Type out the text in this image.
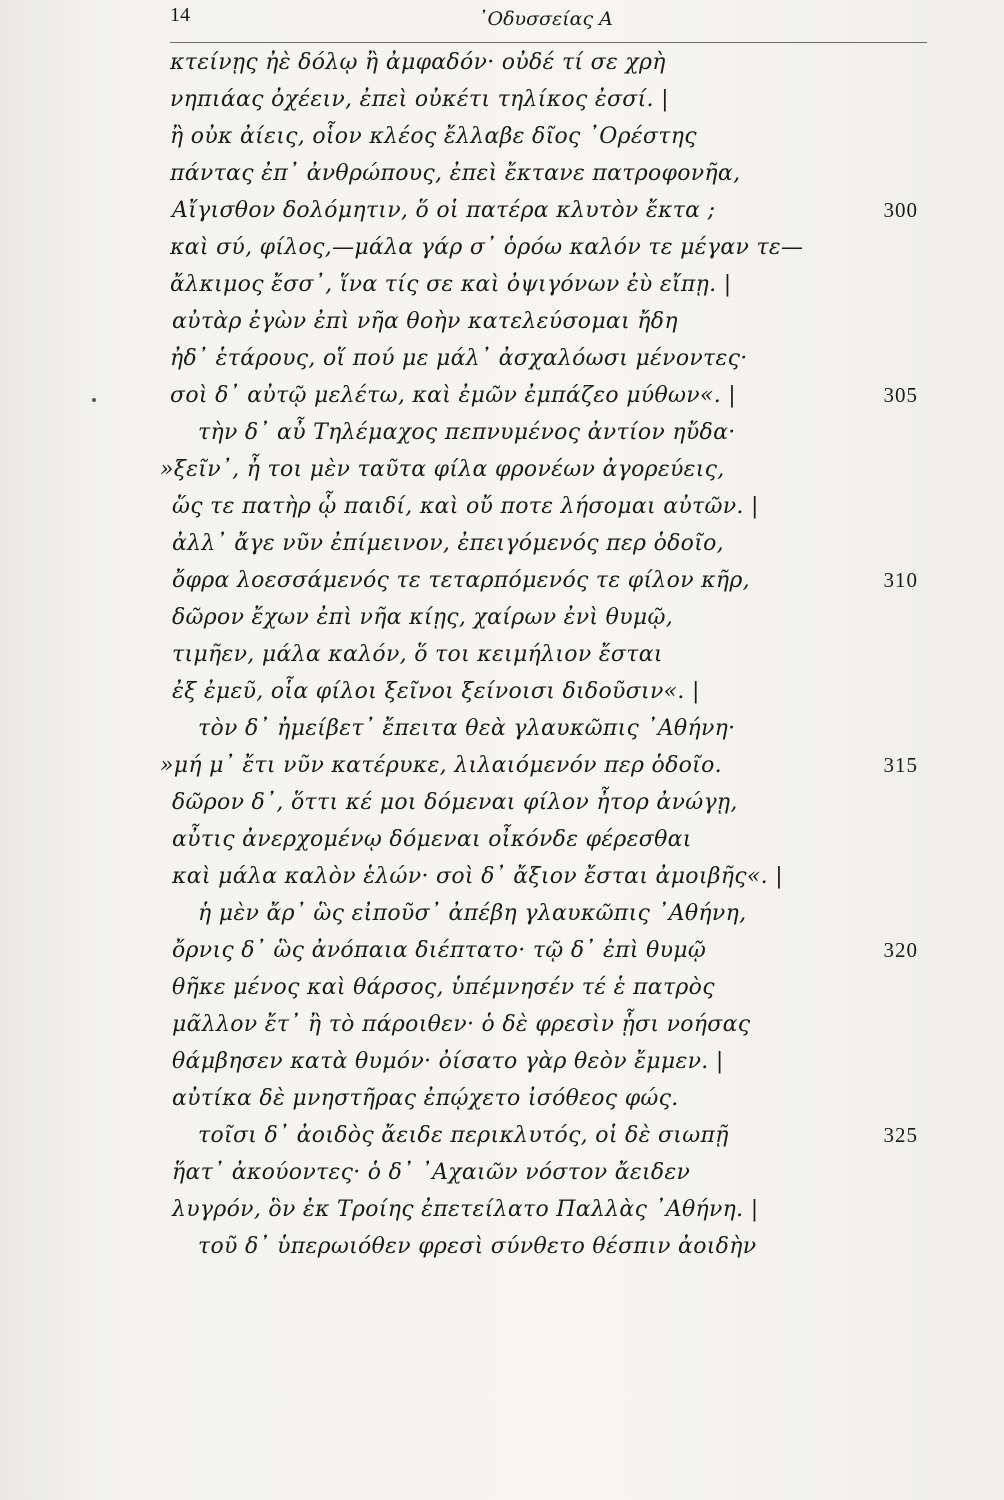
14	᾿Οδυσσείας Α
κτείνῃς ἠὲ δόλῳ ἢ ἀμφαδόν· οὐδέ τί σε χρὴ
νηπιάας ὀχέειν, ἐπεὶ οὐκέτι τηλίκος ἐσσί. |
ἢ οὐκ ἀίεις, οἷον κλέος ἔλλαβε δῖος ᾿Ορέστης
πάντας ἐπ᾿ ἀνθρώπους, ἐπεὶ ἔκτανε πατροφονῆα,
Αἴγισθον δολόμητιν, ὅ οἱ πατέρα κλυτὸν ἔκτα ;	300
καὶ σύ, φίλος,—μάλα γάρ σ᾿ ὁρόω καλόν τε μέγαν τε—
ἄλκιμος ἔσσ᾿, ἵνα τίς σε καὶ ὀψιγόνων ἐὺ εἴπῃ. |
αὐτὰρ ἐγὼν ἐπὶ νῆα θοὴν κατελεύσομαι ἤδη
ἠδ᾿ ἑτάρους, οἵ πού με μάλ᾿ ἀσχαλόωσι μένοντες·
σοὶ δ᾿ αὐτῷ μελέτω, καὶ ἐμῶν ἐμπάζεο μύθων«. |	305
τὴν δ᾿ αὖ Τηλέμαχος πεπνυμένος ἀντίον ηὔδα·
»ξεῖν᾿, ἦ τοι μὲν ταῦτα φίλα φρονέων ἀγορεύεις,
ὥς τε πατὴρ ᾧ παιδί, καὶ οὔ ποτε λήσομαι αὐτῶν. |
ἀλλ᾿ ἄγε νῦν ἐπίμεινον, ἐπειγόμενός περ ὁδοῖο,
ὄφρα λοεσσάμενός τε τεταρπόμενός τε φίλον κῆρ,	310
δῶρον ἔχων ἐπὶ νῆα κίῃς, χαίρων ἐνὶ θυμῷ,
τιμῆεν, μάλα καλόν, ὅ τοι κειμήλιον ἔσται
ἐξ ἐμεῦ, οἷα φίλοι ξεῖνοι ξείνοισι διδοῦσιν«. |
τὸν δ᾿ ἠμείβετ᾿ ἔπειτα θεὰ γλαυκῶπις ᾿Αθήνη·
»μή μ᾿ ἔτι νῦν κατέρυκε, λιλαιόμενόν περ ὁδοῖο.	315
δῶρον δ᾿, ὅττι κέ μοι δόμεναι φίλον ἦτορ ἀνώγῃ,
αὖτις ἀνερχομένῳ δόμεναι οἶκόνδε φέρεσθαι
καὶ μάλα καλὸν ἑλών· σοὶ δ᾿ ἄξιον ἔσται ἀμοιβῆς«. |
ἡ μὲν ἄρ᾿ ὣς εἰποῦσ᾿ ἀπέβη γλαυκῶπις ᾿Αθήνη,
ὄρνις δ᾿ ὣς ἀνόπαια διέπτατο· τῷ δ᾿ ἐπὶ θυμῷ	320
θῆκε μένος καὶ θάρσος, ὑπέμνησέν τέ ἑ πατρὸς
μᾶλλον ἔτ᾿ ἢ τὸ πάροιθεν· ὁ δὲ φρεσὶν ᾗσι νοήσας
θάμβησεν κατὰ θυμόν· ὀίσατο γὰρ θεὸν ἔμμεν. |
αὐτίκα δὲ μνηστῆρας ἐπῴχετο ἰσόθεος φώς.
τοῖσι δ᾿ ἀοιδὸς ἄειδε περικλυτός, οἱ δὲ σιωπῇ	325
ἥατ᾿ ἀκούοντες· ὁ δ᾿ ᾿Αχαιῶν νόστον ἄειδεν
λυγρόν, ὃν ἐκ Τροίης ἐπετείλατο Παλλὰς ᾿Αθήνη. |
τοῦ δ᾿ ὑπερωιόθεν φρεσὶ σύνθετο θέσπιν ἀοιδὴν
